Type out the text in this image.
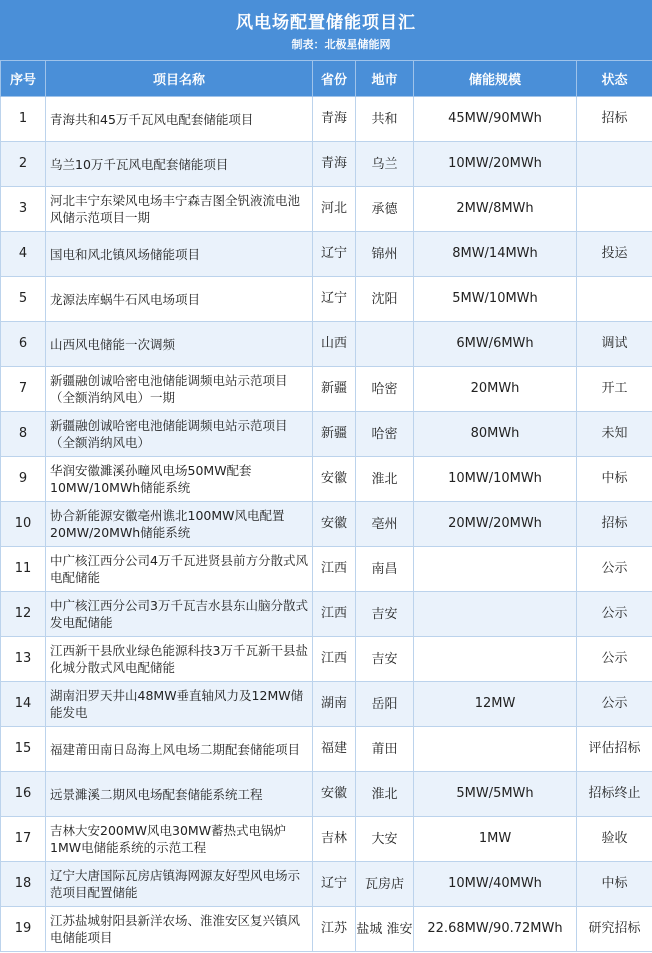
风电场配置储能项目汇
制表：北极星储能网
序号	项目名称	省份	地市	储能规模	状态
1	青海共和45万千瓦风电配套储能项目	青海	共和	45MW/90MWh	招标
2	乌兰10万千瓦风电配套储能项目	青海	乌兰	10MW/20MWh	
3	河北丰宁东梁风电场丰宁森吉图全钒液流电池风储示范项目一期	河北	承德	2MW/8MWh	
4	国电和风北镇风场储能项目	辽宁	锦州	8MW/14MWh	投运
5	龙源法库蜗牛石风电场项目	辽宁	沈阳	5MW/10MWh	
6	山西风电储能一次调频	山西		6MW/6MWh	调试
7	新疆融创诚哈密电池储能调频电站示范项目（全额消纳风电）一期	新疆	哈密	20MWh	开工
8	新疆融创诚哈密电池储能调频电站示范项目（全额消纳风电）	新疆	哈密	80MWh	未知
9	华润安徽濉溪孙疃风电场50MW配套10MW/10MWh储能系统	安徽	淮北	10MW/10MWh	中标
10	协合新能源安徽亳州谯北100MW风电配置20MW/20MWh储能系统	安徽	亳州	20MW/20MWh	招标
11	中广核江西分公司4万千瓦进贤县前方分散式风电配储能	江西	南昌		公示
12	中广核江西分公司3万千瓦吉水县东山脑分散式发电配储能	江西	吉安		公示
13	江西新干县欣业绿色能源科技3万千瓦新干县盐化城分散式风电配储能	江西	吉安		公示
14	湖南汨罗天井山48MW垂直轴风力及12MW储能发电	湖南	岳阳	12MW	公示
15	福建莆田南日岛海上风电场二期配套储能项目	福建	莆田		评估招标
16	远景濉溪二期风电场配套储能系统工程	安徽	淮北	5MW/5MWh	招标终止
17	吉林大安200MW风电30MW蓄热式电锅炉1MW电储能系统的示范工程	吉林	大安	1MW	验收
18	辽宁大唐国际瓦房店镇海网源友好型风电场示范项目配置储能	辽宁	瓦房店	10MW/40MWh	中标
19	江苏盐城射阳县新洋农场、淮淮安区复兴镇风电储能项目	江苏	盐城 淮安	22.68MW/90.72MWh	研究招标
